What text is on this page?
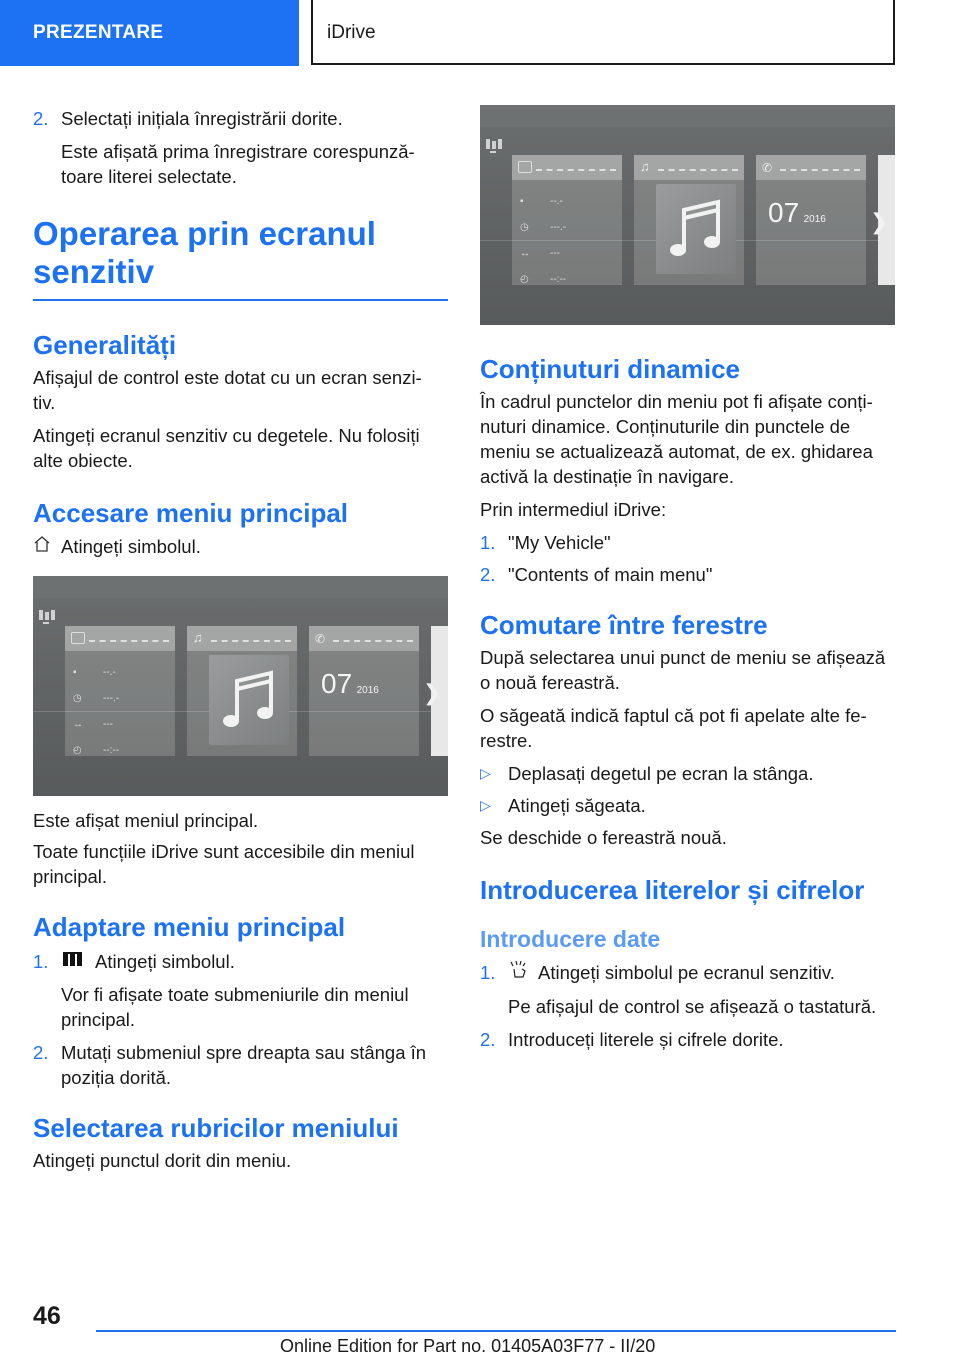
PREZENTARE	iDrive
2. Selectați inițiala înregistrării dorite.

Este afișată prima înregistrare corespunză-toare literei selectate.

Operarea prin ecranul senzitiv
Generalități

Afișajul de control este dotat cu un ecran senzi-tiv.

Atingeți ecranul senzitiv cu degetele. Nu folosiți alte obiecte.

Accesare meniu principal
Atingeți simbolul.
▪	--.-
◷ ---.-
↔ ---
◴ --:--
♫	✆
07 2016 ❯

Este afișat meniul principal.

Toate funcțiile iDrive sunt accesibile din meniul principal.

Adaptare meniu principal
1.	Atingeți simbolul.

Vor fi afișate toate submeniurile din meniul principal.

2. Mutați submeniul spre dreapta sau stânga în poziția dorită.
Selectarea rubricilor meniului

Atingeți punctul dorit din meniu.

▪	--.-
◷ ---.-
↔ ---
◴ --:--
♫	✆
07 2016 ❯
Conținuturi dinamice

În cadrul punctelor din meniu pot fi afișate conți-nuturi dinamice. Conținuturile din punctele de meniu se actualizează automat, de ex. ghidarea activă la destinație în navigare.

Prin intermediul iDrive:

1. "My Vehicle"
2. "Contents of main menu"
Comutare între ferestre

După selectarea unui punct de meniu se afișează o nouă fereastră.

O săgeată indică faptul că pot fi apelate alte fe-restre.

▷ Deplasați degetul pe ecran la stânga.
▷ Atingeți săgeata.

Se deschide o fereastră nouă.

Introducerea literelor și cifrelor
Introducere date
1.	Atingeți simbolul pe ecranul senzitiv.

Pe afișajul de control se afișează o tastatură.

2. Introduceți literele și cifrele dorite.
46
Online Edition for Part no. 01405A03F77 - II/20
